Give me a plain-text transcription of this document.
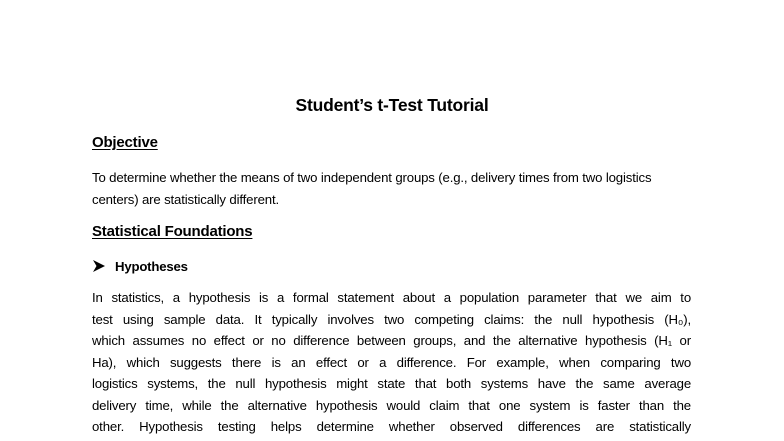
Student’s t-Test Tutorial
Objective
To determine whether the means of two independent groups (e.g., delivery times from two logistics centers) are statistically different.
Statistical Foundations
Hypotheses
In statistics, a hypothesis is a formal statement about a population parameter that we aim to
test using sample data. It typically involves two competing claims: the null hypothesis (H₀),
which assumes no effect or no difference between groups, and the alternative hypothesis (H₁ or
Ha), which suggests there is an effect or a difference. For example, when comparing two
logistics systems, the null hypothesis might state that both systems have the same average
delivery time, while the alternative hypothesis would claim that one system is faster than the
other. Hypothesis testing helps determine whether observed differences are statistically
